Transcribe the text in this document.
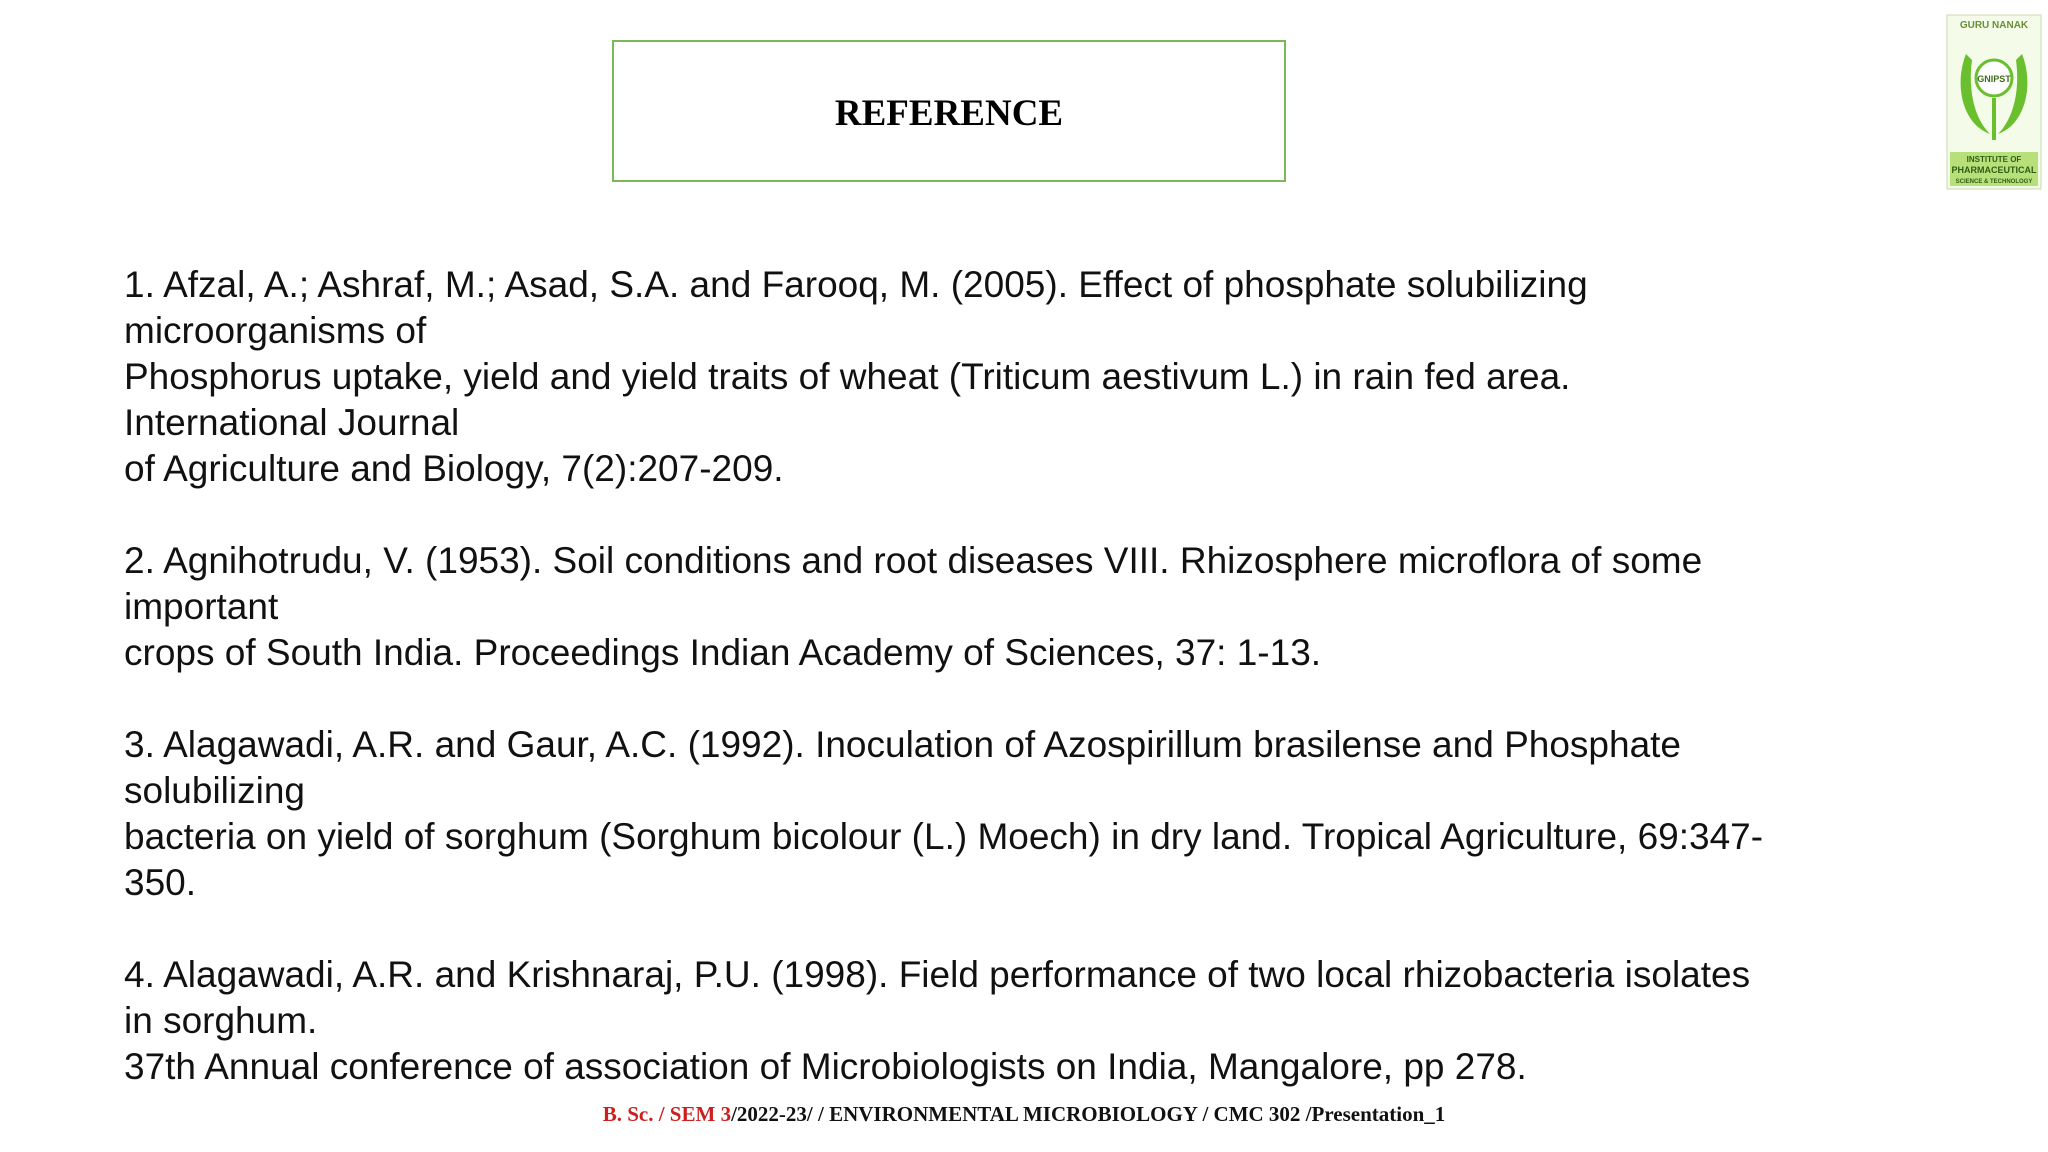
REFERENCE
GURU NANAK
GNIPST
INSTITUTE OF
PHARMACEUTICAL
SCIENCE & TECHNOLOGY
1. Afzal, A.; Ashraf, M.; Asad, S.A. and Farooq, M. (2005). Effect of phosphate solubilizing
microorganisms of
Phosphorus uptake, yield and yield traits of wheat (Triticum aestivum L.) in rain fed area.
International Journal
of Agriculture and Biology, 7(2):207-209.
2. Agnihotrudu, V. (1953). Soil conditions and root diseases VIII. Rhizosphere microflora of some
important
crops of South India. Proceedings Indian Academy of Sciences, 37: 1-13.
3. Alagawadi, A.R. and Gaur, A.C. (1992). Inoculation of Azospirillum brasilense and Phosphate
solubilizing
bacteria on yield of sorghum (Sorghum bicolour (L.) Moech) in dry land. Tropical Agriculture, 69:347-
350.
4. Alagawadi, A.R. and Krishnaraj, P.U. (1998). Field performance of two local rhizobacteria isolates
in sorghum.
37th Annual conference of association of Microbiologists on India, Mangalore, pp 278.
B. Sc. / SEM 3/2022-23/ / ENVIRONMENTAL MICROBIOLOGY / CMC 302 /Presentation_1
